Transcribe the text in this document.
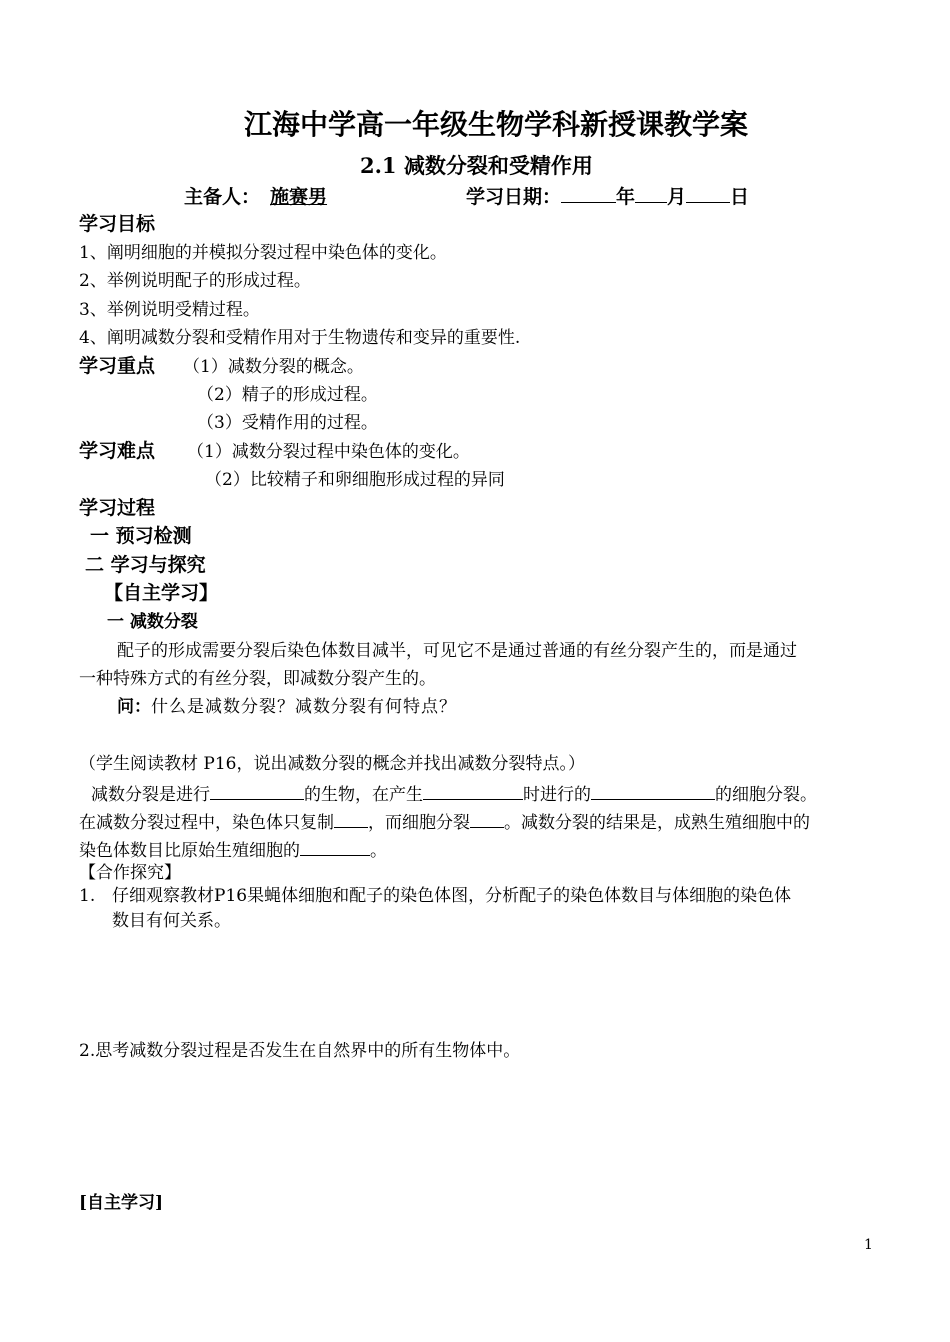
江海中学高一年级生物学科新授课教学案
2.1 减数分裂和受精作用
主备人： 施赛男	学习日期：	年 月 日
学习目标
1、阐明细胞的并模拟分裂过程中染色体的变化。
2、举例说明配子的形成过程。
3、举例说明受精过程。
4、阐明减数分裂和受精作用对于生物遗传和变异的重要性.
学习重点 （1）减数分裂的概念。
（2）精子的形成过程。
（3）受精作用的过程。
学习难点 （1）减数分裂过程中染色体的变化。
（2）比较精子和卵细胞形成过程的异同
学习过程
一 预习检测
二 学习与探究
【自主学习】
一 减数分裂
配子的形成需要分裂后染色体数目减半，可见它不是通过普通的有丝分裂产生的，而是通过
一种特殊方式的有丝分裂，即减数分裂产生的。
问：什么是减数分裂？减数分裂有何特点？
（学生阅读教材 P16，说出减数分裂的概念并找出减数分裂特点。）
减数分裂是进行	的生物，在产生	时进行的	的细胞分裂。
在减数分裂过程中，染色体只复制 ，而细胞分裂 。减数分裂的结果是，成熟生殖细胞中的
染色体数目比原始生殖细胞的	。
【合作探究】
1. 仔细观察教材P16果蝇体细胞和配子的染色体图，分析配子的染色体数目与体细胞的染色体
数目有何关系。
2.思考减数分裂过程是否发生在自然界中的所有生物体中。
[自主学习]
1
